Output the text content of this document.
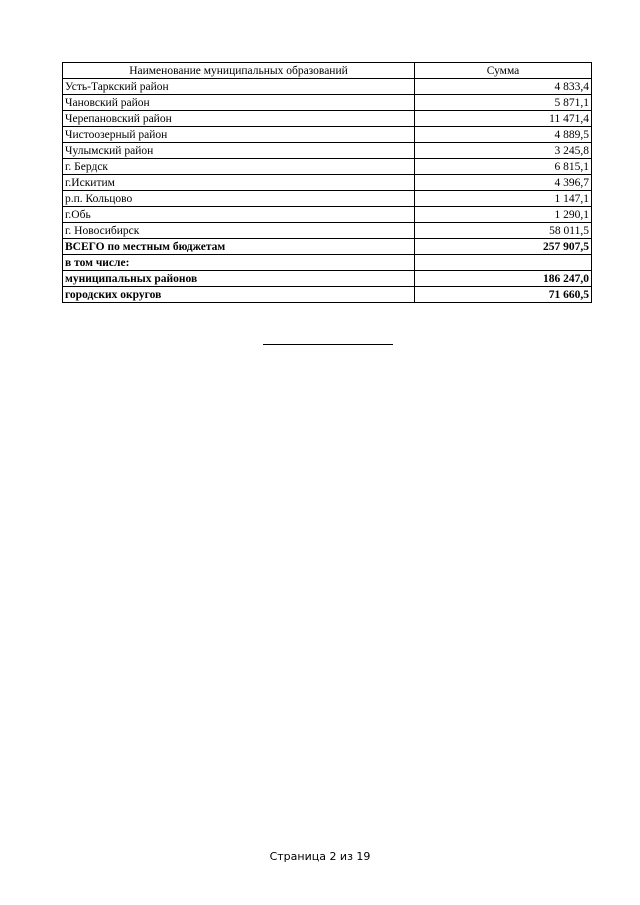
Наименование муниципальных образований	Сумма
Усть-Таркский район	4 833,4
Чановский район	5 871,1
Черепановский район	11 471,4
Чистоозерный район	4 889,5
Чулымский район	3 245,8
г. Бердск	6 815,1
г.Искитим	4 396,7
р.п. Кольцово	1 147,1
г.Обь	1 290,1
г. Новосибирск	58 011,5
ВСЕГО по местным бюджетам	257 907,5
в том числе:	
муниципальных районов	186 247,0
городских округов	71 660,5
Страница 2 из 19
